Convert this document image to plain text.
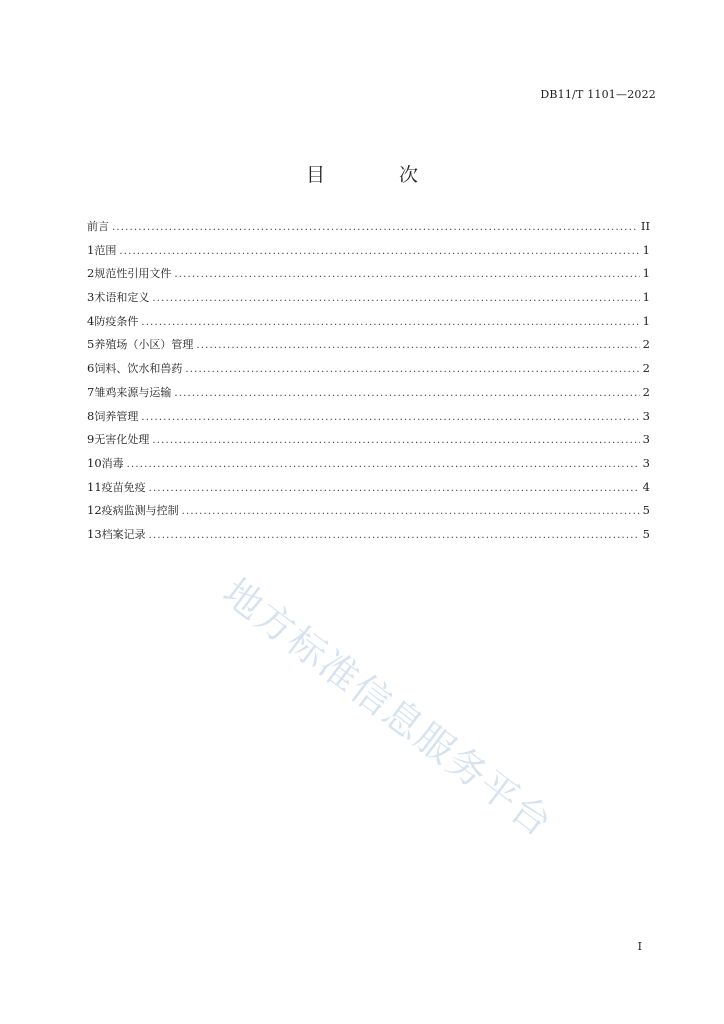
DB11/T 1101—2022
目 次
前言 .....	II
1 范围 .....	1
2 规范性引用文件 .....	1
3 术语和定义 .....	1
4 防疫条件 .....	1
5 养殖场（小区）管理 .....	2
6 饲料、饮水和兽药 .....	2
7 雏鸡来源与运输 .....	2
8 饲养管理 .....	3
9 无害化处理 .....	3
10 消毒 .....	3
11 疫苗免疫 .....	4
12 疫病监测与控制 .....	5
13 档案记录 .....	5
地方标准信息服务平台
I
